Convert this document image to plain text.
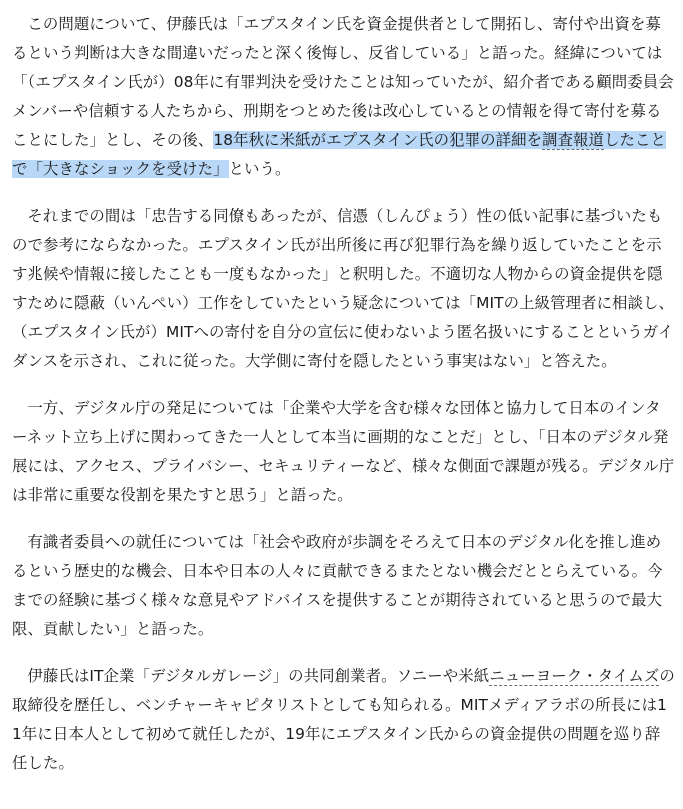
この問題について、伊藤氏は「エプスタイン氏を資金提供者として開拓し、寄付や出資を募るという判断は大きな間違いだったと深く後悔し、反省している」と語った。経緯については「（エプスタイン氏が）08年に有罪判決を受けたことは知っていたが、紹介者である顧問委員会メンバーや信頼する人たちから、刑期をつとめた後は改心しているとの情報を得て寄付を募ることにした」とし、その後、18年秋に米紙がエプスタイン氏の犯罪の詳細を調査報道したことで「大きなショックを受けた」という。

それまでの間は「忠告する同僚もあったが、信憑（しんぴょう）性の低い記事に基づいたもので参考にならなかった。エプスタイン氏が出所後に再び犯罪行為を繰り返していたことを示す兆候や情報に接したことも一度もなかった」と釈明した。不適切な人物からの資金提供を隠すために隠蔽（いんぺい）工作をしていたという疑念については「MITの上級管理者に相談し、（エプスタイン氏が）MITへの寄付を自分の宣伝に使わないよう匿名扱いにすることというガイダンスを示され、これに従った。大学側に寄付を隠したという事実はない」と答えた。

一方、デジタル庁の発足については「企業や大学を含む様々な団体と協力して日本のインターネット立ち上げに関わってきた一人として本当に画期的なことだ」とし、「日本のデジタル発展には、アクセス、プライバシー、セキュリティーなど、様々な側面で課題が残る。デジタル庁は非常に重要な役割を果たすと思う」と語った。

有識者委員への就任については「社会や政府が歩調をそろえて日本のデジタル化を推し進めるという歴史的な機会、日本や日本の人々に貢献できるまたとない機会だととらえている。今までの経験に基づく様々な意見やアドバイスを提供することが期待されていると思うので最大限、貢献したい」と語った。

伊藤氏はIT企業「デジタルガレージ」の共同創業者。ソニーや米紙ニューヨーク・タイムズの取締役を歴任し、ベンチャーキャピタリストとしても知られる。MITメディアラボの所長には11年に日本人として初めて就任したが、19年にエプスタイン氏からの資金提供の問題を巡り辞任した。
